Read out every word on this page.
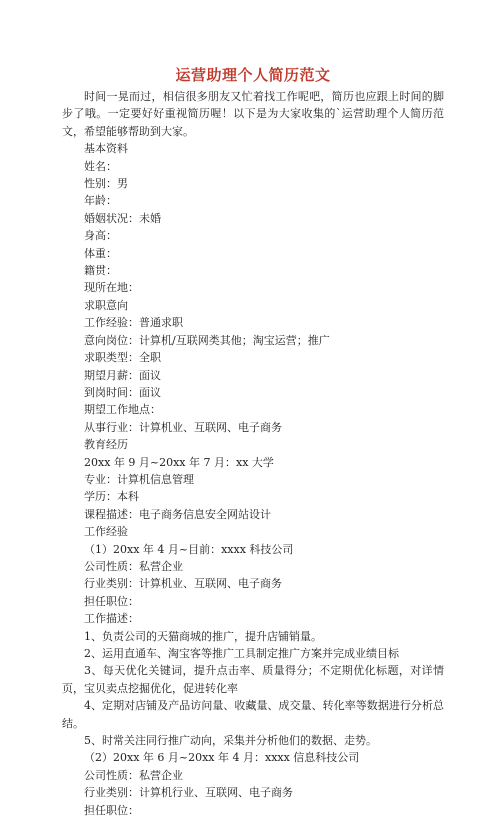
运营助理个人简历范文

时间一晃而过，相信很多朋友又忙着找工作呢吧，简历也应跟上时间的脚步了哦。一定要好好重视简历喔！以下是为大家收集的`运营助理个人简历范文，希望能够帮助到大家。

基本资料
姓名：
性别：男
年龄：
婚姻状况：未婚
身高：
体重：
籍贯：
现所在地：
求职意向
工作经验：普通求职
意向岗位：计算机/互联网类其他；淘宝运营；推广
求职类型：全职
期望月薪：面议
到岗时间：面议
期望工作地点：
从事行业：计算机业、互联网、电子商务
教育经历
20xx 年 9 月~20xx 年 7 月：xx 大学
专业：计算机信息管理
学历：本科
课程描述：电子商务信息安全网站设计
工作经验
（1）20xx 年 4 月~目前：xxxx 科技公司
公司性质：私营企业
行业类别：计算机业、互联网、电子商务
担任职位：
工作描述：
1、负责公司的天猫商城的推广，提升店铺销量。
2、运用直通车、淘宝客等推广工具制定推广方案并完成业绩目标
3、每天优化关键词，提升点击率、质量得分；不定期优化标题，对详情页，宝贝卖点挖掘优化，促进转化率
4、定期对店铺及产品访问量、收藏量、成交量、转化率等数据进行分析总结。
5、时常关注同行推广动向，采集并分析他们的数据、走势。
（2）20xx 年 6 月~20xx 年 4 月：xxxx 信息科技公司
公司性质：私营企业
行业类别：计算机行业、互联网、电子商务
担任职位：
